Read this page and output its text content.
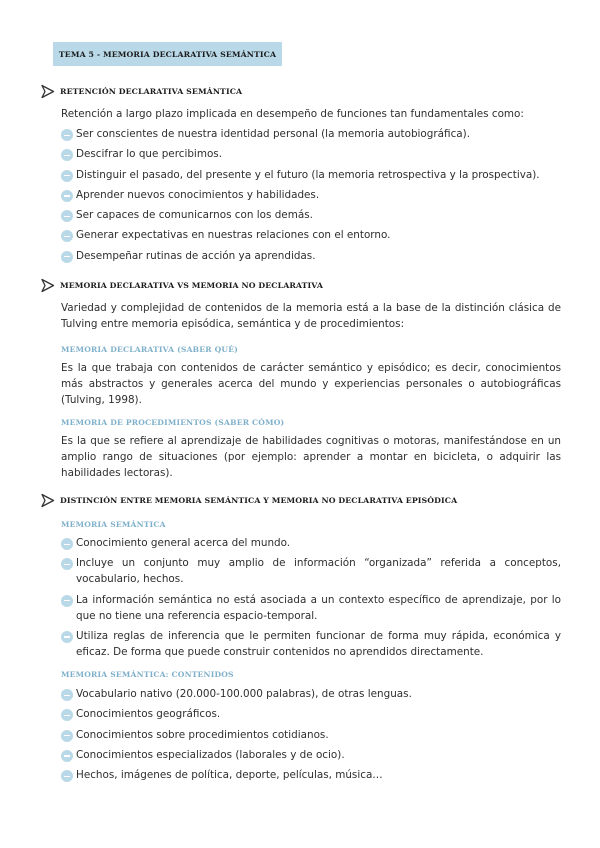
TEMA 5 - MEMORIA DECLARATIVA SEMÁNTICA
RETENCIÓN DECLARATIVA SEMÁNTICA
Retención a largo plazo implicada en desempeño de funciones tan fundamentales como:
Ser conscientes de nuestra identidad personal (la memoria autobiográfica).
Descifrar lo que percibimos.
Distinguir el pasado, del presente y el futuro (la memoria retrospectiva y la prospectiva).
Aprender nuevos conocimientos y habilidades.
Ser capaces de comunicarnos con los demás.
Generar expectativas en nuestras relaciones con el entorno.
Desempeñar rutinas de acción ya aprendidas.
MEMORIA DECLARATIVA VS MEMORIA NO DECLARATIVA
Variedad y complejidad de contenidos de la memoria está a la base de la distinción clásica de Tulving entre memoria episódica, semántica y de procedimientos:
MEMORIA DECLARATIVA (SABER QUÉ)
Es la que trabaja con contenidos de carácter semántico y episódico; es decir, conocimientos más abstractos y generales acerca del mundo y experiencias personales o autobiográficas (Tulving, 1998).
MEMORIA DE PROCEDIMIENTOS (SABER CÓMO)
Es la que se refiere al aprendizaje de habilidades cognitivas o motoras, manifestándose en un amplio rango de situaciones (por ejemplo: aprender a montar en bicicleta, o adquirir las habilidades lectoras).
DISTINCIÓN ENTRE MEMORIA SEMÁNTICA Y MEMORIA NO DECLARATIVA EPISÓDICA
MEMORIA SEMÁNTICA
Conocimiento general acerca del mundo.
Incluye un conjunto muy amplio de información “organizada” referida a conceptos, vocabulario, hechos.
La información semántica no está asociada a un contexto específico de aprendizaje, por lo que no tiene una referencia espacio-temporal.
Utiliza reglas de inferencia que le permiten funcionar de forma muy rápida, económica y eficaz. De forma que puede construir contenidos no aprendidos directamente.
MEMORIA SEMÁNTICA: CONTENIDOS
Vocabulario nativo (20.000-100.000 palabras), de otras lenguas.
Conocimientos geográficos.
Conocimientos sobre procedimientos cotidianos.
Conocimientos especializados (laborales y de ocio).
Hechos, imágenes de política, deporte, películas, música…
